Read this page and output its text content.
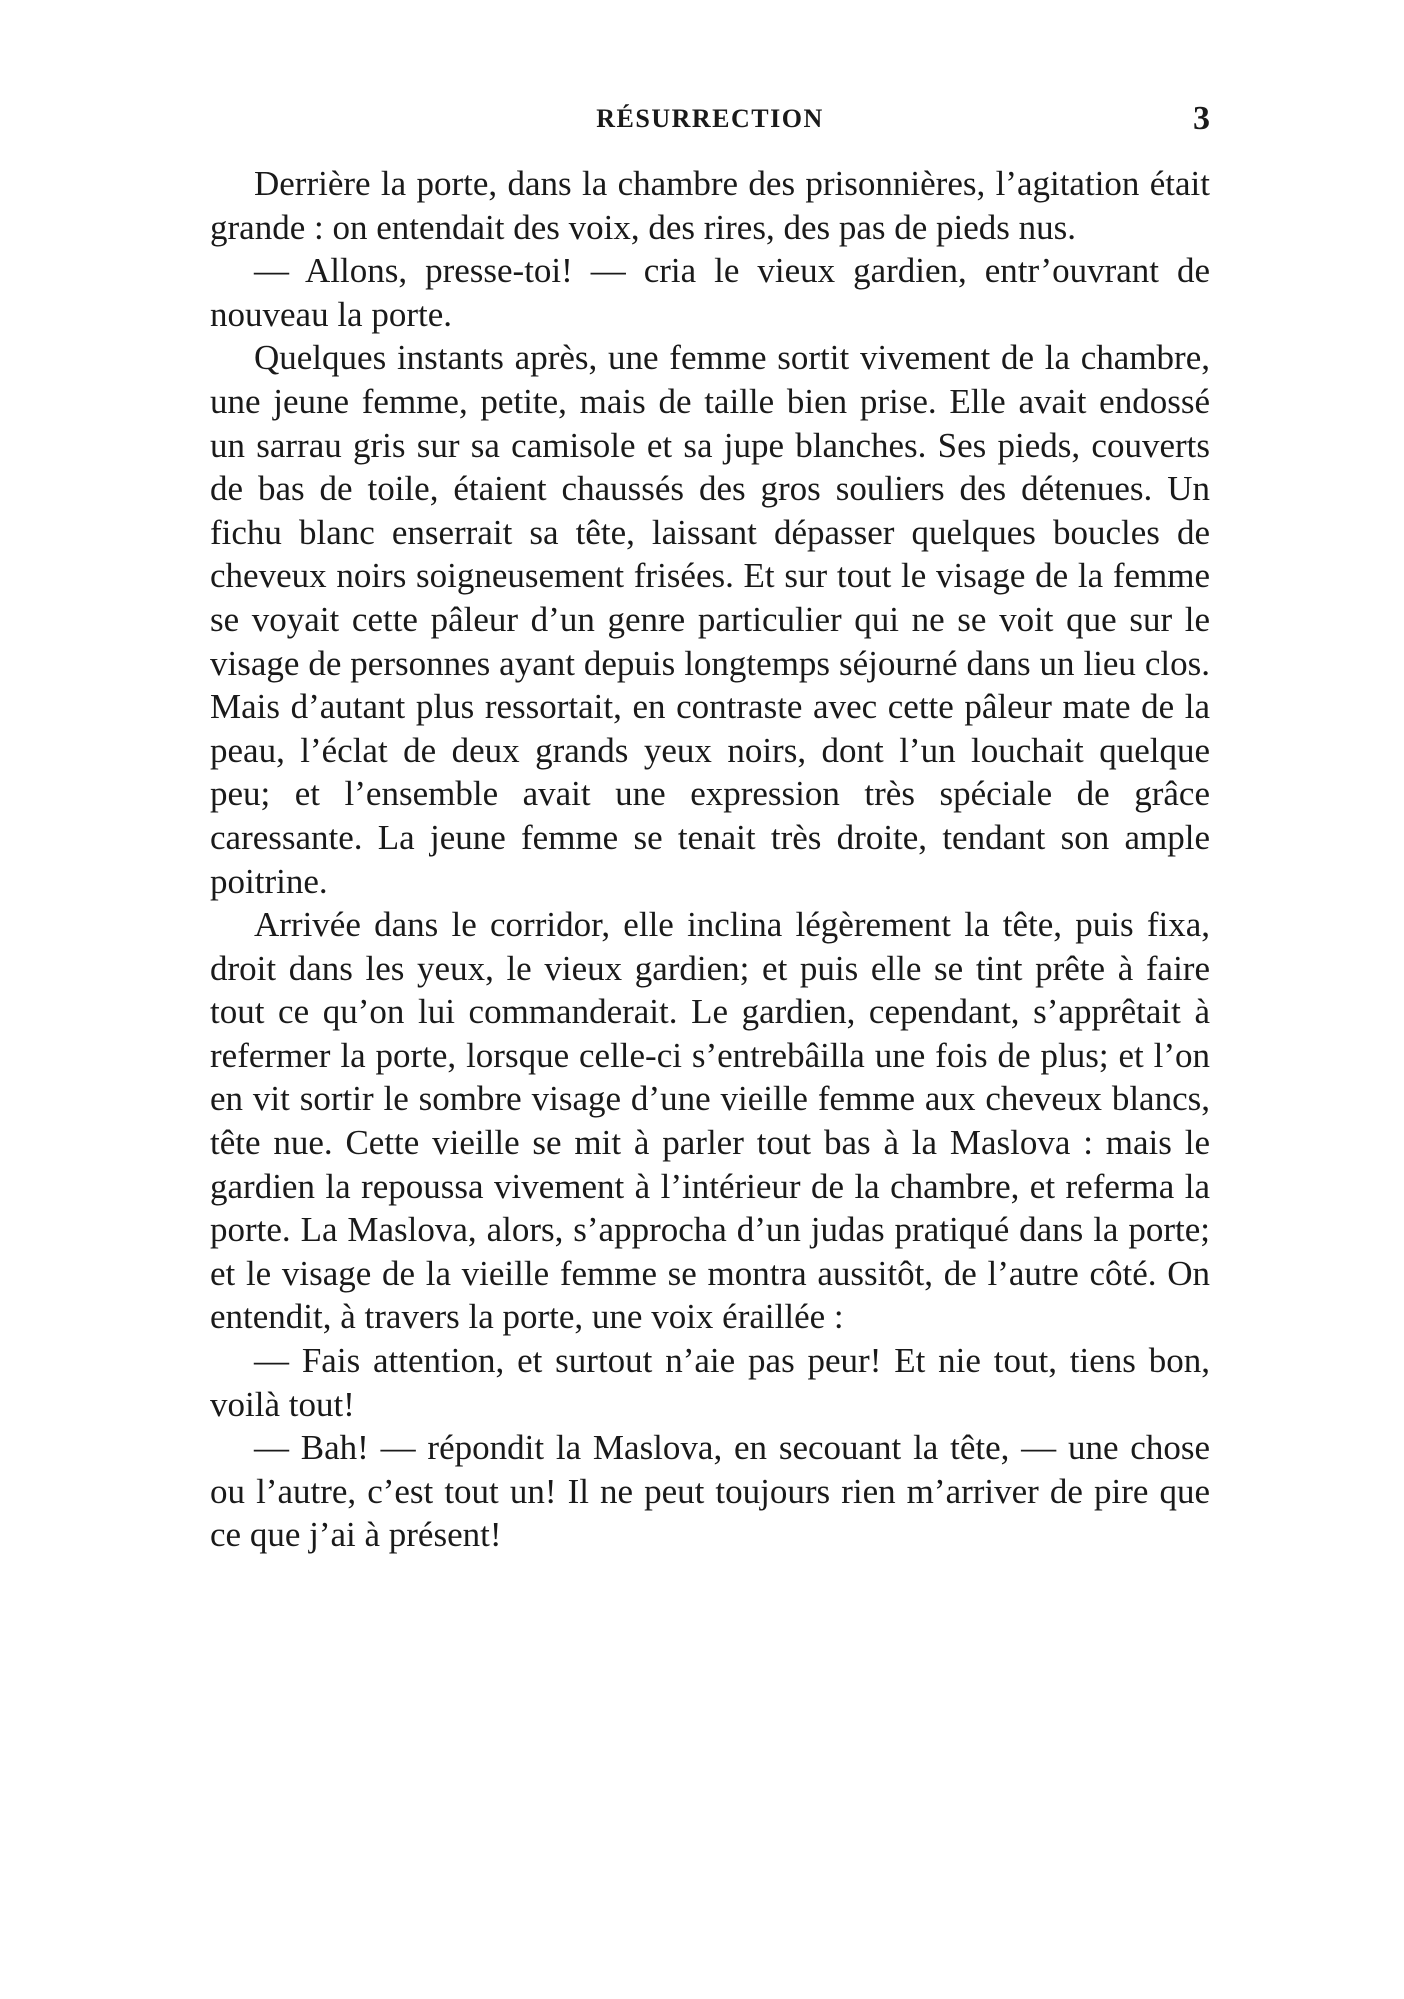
RÉSURRECTION	3

Derrière la porte, dans la chambre des prisonnières, l’agitation était grande : on entendait des voix, des rires, des pas de pieds nus.

— Allons, presse-toi! — cria le vieux gardien, entr’ouvrant de nouveau la porte.

Quelques instants après, une femme sortit vivement de la chambre, une jeune femme, petite, mais de taille bien prise. Elle avait endossé un sarrau gris sur sa camisole et sa jupe blanches. Ses pieds, couverts de bas de toile, étaient chaussés des gros souliers des détenues. Un fichu blanc enserrait sa tête, laissant dépasser quelques boucles de cheveux noirs soigneusement frisées. Et sur tout le visage de la femme se voyait cette pâleur d’un genre particulier qui ne se voit que sur le visage de personnes ayant depuis longtemps séjourné dans un lieu clos. Mais d’autant plus ressortait, en contraste avec cette pâleur mate de la peau, l’éclat de deux grands yeux noirs, dont l’un louchait quelque peu; et l’ensemble avait une expression très spéciale de grâce caressante. La jeune femme se tenait très droite, tendant son ample poitrine.

Arrivée dans le corridor, elle inclina légèrement la tête, puis fixa, droit dans les yeux, le vieux gardien; et puis elle se tint prête à faire tout ce qu’on lui commanderait. Le gardien, cependant, s’apprêtait à refermer la porte, lorsque celle-ci s’entrebâilla une fois de plus; et l’on en vit sortir le sombre visage d’une vieille femme aux cheveux blancs, tête nue. Cette vieille se mit à parler tout bas à la Maslova : mais le gardien la repoussa vivement à l’intérieur de la chambre, et referma la porte. La Maslova, alors, s’approcha d’un judas pratiqué dans la porte; et le visage de la vieille femme se montra aussitôt, de l’autre côté. On entendit, à travers la porte, une voix éraillée :

— Fais attention, et surtout n’aie pas peur! Et nie tout, tiens bon, voilà tout!

— Bah! — répondit la Maslova, en secouant la tête, — une chose ou l’autre, c’est tout un! Il ne peut toujours rien m’arriver de pire que ce que j’ai à présent!
